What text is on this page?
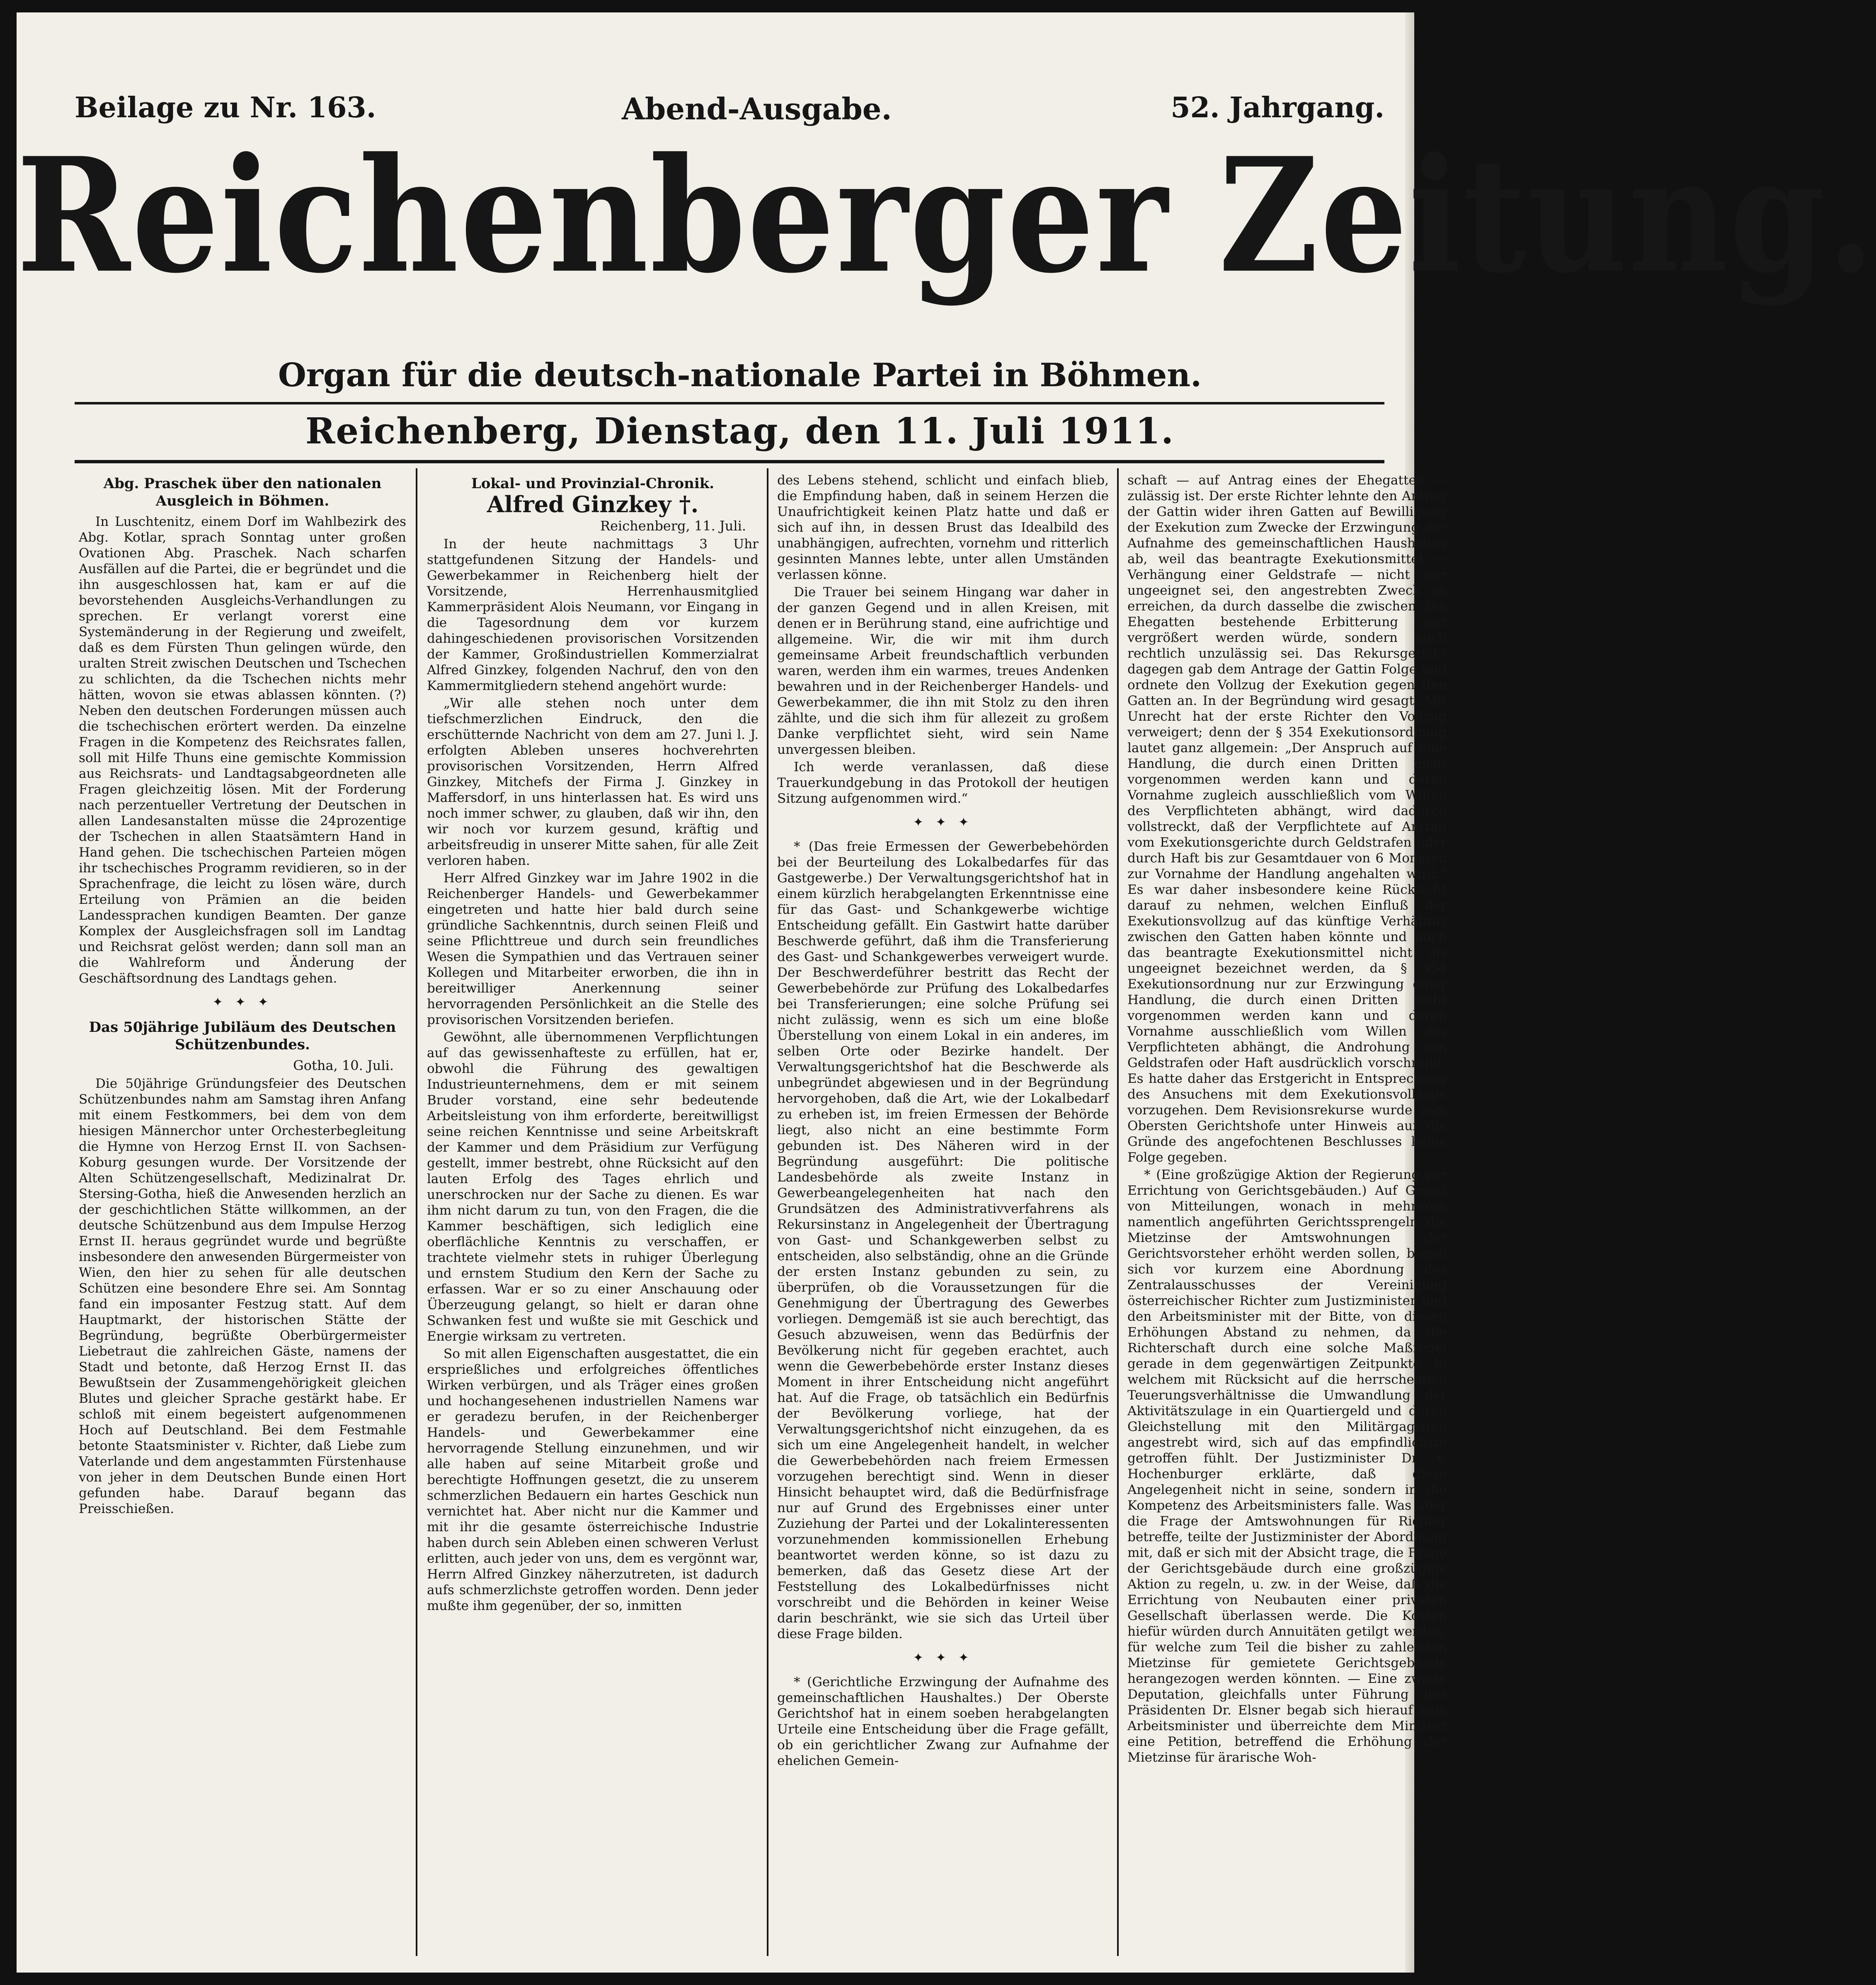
Beilage zu Nr. 163.	Abend-Ausgabe.	52. Jahrgang.
Reichenberger Zeitung.
Organ für die deutsch-nationale Partei in Böhmen.
Reichenberg, Dienstag, den 11. Juli 1911.
Abg. Praschek über den nationalen Ausgleich in Böhmen.

In Luschtenitz, einem Dorf im Wahlbezirk des Abg. Kotlar, sprach Sonntag unter großen Ovationen Abg. Praschek. Nach scharfen Ausfällen auf die Partei, die er begründet und die ihn ausgeschlossen hat, kam er auf die bevorstehenden Ausgleichs-Verhandlungen zu sprechen. Er verlangt vorerst eine Systemänderung in der Regierung und zweifelt, daß es dem Fürsten Thun gelingen würde, den uralten Streit zwischen Deutschen und Tschechen zu schlichten, da die Tschechen nichts mehr hätten, wovon sie etwas ablassen könnten. (?) Neben den deutschen Forderungen müssen auch die tschechischen erörtert werden. Da einzelne Fragen in die Kompetenz des Reichsrates fallen, soll mit Hilfe Thuns eine gemischte Kommission aus Reichsrats- und Landtagsabgeordneten alle Fragen gleichzeitig lösen. Mit der Forderung nach perzentueller Vertretung der Deutschen in allen Landesanstalten müsse die 24prozentige der Tschechen in allen Staatsämtern Hand in Hand gehen. Die tschechischen Parteien mögen ihr tschechisches Programm revidieren, so in der Sprachenfrage, die leicht zu lösen wäre, durch Erteilung von Prämien an die beiden Landessprachen kundigen Beamten. Der ganze Komplex der Ausgleichsfragen soll im Landtag und Reichsrat gelöst werden; dann soll man an die Wahlreform und Änderung der Geschäftsordnung des Landtags gehen.

✦ ✦ ✦
Das 50jährige Jubiläum des Deutschen Schützenbundes.
Gotha, 10. Juli.

Die 50jährige Gründungsfeier des Deutschen Schützenbundes nahm am Samstag ihren Anfang mit einem Festkommers, bei dem von dem hiesigen Männerchor unter Orchesterbegleitung die Hymne von Herzog Ernst II. von Sachsen-Koburg gesungen wurde. Der Vorsitzende der Alten Schützengesellschaft, Medizinalrat Dr. Stersing-Gotha, hieß die Anwesenden herzlich an der geschichtlichen Stätte willkommen, an der deutsche Schützenbund aus dem Impulse Herzog Ernst II. heraus gegründet wurde und begrüßte insbesondere den anwesenden Bürgermeister von Wien, den hier zu sehen für alle deutschen Schützen eine besondere Ehre sei. Am Sonntag fand ein imposanter Festzug statt. Auf dem Hauptmarkt, der historischen Stätte der Begründung, begrüßte Oberbürgermeister Liebetraut die zahlreichen Gäste, namens der Stadt und betonte, daß Herzog Ernst II. das Bewußtsein der Zusammengehörigkeit gleichen Blutes und gleicher Sprache gestärkt habe. Er schloß mit einem begeistert aufgenommenen Hoch auf Deutschland. Bei dem Festmahle betonte Staatsminister v. Richter, daß Liebe zum Vaterlande und dem angestammten Fürstenhause von jeher in dem Deutschen Bunde einen Hort gefunden habe. Darauf begann das Preisschießen.

Lokal- und Provinzial-Chronik.
Alfred Ginzkey †.
Reichenberg, 11. Juli.

In der heute nachmittags 3 Uhr stattgefundenen Sitzung der Handels- und Gewerbekammer in Reichenberg hielt der Vorsitzende, Herrenhausmitglied Kammerpräsident Alois Neumann, vor Eingang in die Tagesordnung dem vor kurzem dahingeschiedenen provisorischen Vorsitzenden der Kammer, Großindustriellen Kommerzialrat Alfred Ginzkey, folgenden Nachruf, den von den Kammermitgliedern stehend angehört wurde:

„Wir alle stehen noch unter dem tiefschmerzlichen Eindruck, den die erschütternde Nachricht von dem am 27. Juni l. J. erfolgten Ableben unseres hochverehrten provisorischen Vorsitzenden, Herrn Alfred Ginzkey, Mitchefs der Firma J. Ginzkey in Maffersdorf, in uns hinterlassen hat. Es wird uns noch immer schwer, zu glauben, daß wir ihn, den wir noch vor kurzem gesund, kräftig und arbeitsfreudig in unserer Mitte sahen, für alle Zeit verloren haben.

Herr Alfred Ginzkey war im Jahre 1902 in die Reichenberger Handels- und Gewerbekammer eingetreten und hatte hier bald durch seine gründliche Sachkenntnis, durch seinen Fleiß und seine Pflichttreue und durch sein freundliches Wesen die Sympathien und das Vertrauen seiner Kollegen und Mitarbeiter erworben, die ihn in bereitwilliger Anerkennung seiner hervorragenden Persönlichkeit an die Stelle des provisorischen Vorsitzenden beriefen.

Gewöhnt, alle übernommenen Verpflichtungen auf das gewissenhafteste zu erfüllen, hat er, obwohl die Führung des gewaltigen Industrieunternehmens, dem er mit seinem Bruder vorstand, eine sehr bedeutende Arbeitsleistung von ihm erforderte, bereitwilligst seine reichen Kenntnisse und seine Arbeitskraft der Kammer und dem Präsidium zur Verfügung gestellt, immer bestrebt, ohne Rücksicht auf den lauten Erfolg des Tages ehrlich und unerschrocken nur der Sache zu dienen. Es war ihm nicht darum zu tun, von den Fragen, die die Kammer beschäftigen, sich lediglich eine oberflächliche Kenntnis zu verschaffen, er trachtete vielmehr stets in ruhiger Überlegung und ernstem Studium den Kern der Sache zu erfassen. War er so zu einer Anschauung oder Überzeugung gelangt, so hielt er daran ohne Schwanken fest und wußte sie mit Geschick und Energie wirksam zu vertreten.

So mit allen Eigenschaften ausgestattet, die ein ersprießliches und erfolgreiches öffentliches Wirken verbürgen, und als Träger eines großen und hochangesehenen industriellen Namens war er geradezu berufen, in der Reichenberger Handels- und Gewerbekammer eine hervorragende Stellung einzunehmen, und wir alle haben auf seine Mitarbeit große und berechtigte Hoffnungen gesetzt, die zu unserem schmerzlichen Bedauern ein hartes Geschick nun vernichtet hat. Aber nicht nur die Kammer und mit ihr die gesamte österreichische Industrie haben durch sein Ableben einen schweren Verlust erlitten, auch jeder von uns, dem es vergönnt war, Herrn Alfred Ginzkey näherzutreten, ist dadurch aufs schmerzlichste getroffen worden. Denn jeder mußte ihm gegenüber, der so, inmitten

des Lebens stehend, schlicht und einfach blieb, die Empfindung haben, daß in seinem Herzen die Unaufrichtigkeit keinen Platz hatte und daß er sich auf ihn, in dessen Brust das Idealbild des unabhängigen, aufrechten, vornehm und ritterlich gesinnten Mannes lebte, unter allen Umständen verlassen könne.

Die Trauer bei seinem Hingang war daher in der ganzen Gegend und in allen Kreisen, mit denen er in Berührung stand, eine aufrichtige und allgemeine. Wir, die wir mit ihm durch gemeinsame Arbeit freundschaftlich verbunden waren, werden ihm ein warmes, treues Andenken bewahren und in der Reichenberger Handels- und Gewerbekammer, die ihn mit Stolz zu den ihren zählte, und die sich ihm für allezeit zu großem Danke verpflichtet sieht, wird sein Name unvergessen bleiben.

Ich werde veranlassen, daß diese Trauerkundgebung in das Protokoll der heutigen Sitzung aufgenommen wird.“

✦ ✦ ✦

* (Das freie Ermessen der Gewerbebehörden bei der Beurteilung des Lokalbedarfes für das Gastgewerbe.) Der Verwaltungsgerichtshof hat in einem kürzlich herabgelangten Erkenntnisse eine für das Gast- und Schankgewerbe wichtige Entscheidung gefällt. Ein Gastwirt hatte darüber Beschwerde geführt, daß ihm die Transferierung des Gast- und Schankgewerbes verweigert wurde. Der Beschwerdeführer bestritt das Recht der Gewerbebehörde zur Prüfung des Lokalbedarfes bei Transferierungen; eine solche Prüfung sei nicht zulässig, wenn es sich um eine bloße Überstellung von einem Lokal in ein anderes, im selben Orte oder Bezirke handelt. Der Verwaltungsgerichtshof hat die Beschwerde als unbegründet abgewiesen und in der Begründung hervorgehoben, daß die Art, wie der Lokalbedarf zu erheben ist, im freien Ermessen der Behörde liegt, also nicht an eine bestimmte Form gebunden ist. Des Näheren wird in der Begründung ausgeführt: Die politische Landesbehörde als zweite Instanz in Gewerbeangelegenheiten hat nach den Grundsätzen des Administrativverfahrens als Rekursinstanz in Angelegenheit der Übertragung von Gast- und Schankgewerben selbst zu entscheiden, also selbständig, ohne an die Gründe der ersten Instanz gebunden zu sein, zu überprüfen, ob die Voraussetzungen für die Genehmigung der Übertragung des Gewerbes vorliegen. Demgemäß ist sie auch berechtigt, das Gesuch abzuweisen, wenn das Bedürfnis der Bevölkerung nicht für gegeben erachtet, auch wenn die Gewerbebehörde erster Instanz dieses Moment in ihrer Entscheidung nicht angeführt hat. Auf die Frage, ob tatsächlich ein Bedürfnis der Bevölkerung vorliege, hat der Verwaltungsgerichtshof nicht einzugehen, da es sich um eine Angelegenheit handelt, in welcher die Gewerbebehörden nach freiem Ermessen vorzugehen berechtigt sind. Wenn in dieser Hinsicht behauptet wird, daß die Bedürfnisfrage nur auf Grund des Ergebnisses einer unter Zuziehung der Partei und der Lokalinteressenten vorzunehmenden kommissionellen Erhebung beantwortet werden könne, so ist dazu zu bemerken, daß das Gesetz diese Art der Feststellung des Lokalbedürfnisses nicht vorschreibt und die Behörden in keiner Weise darin beschränkt, wie sie sich das Urteil über diese Frage bilden.

✦ ✦ ✦

* (Gerichtliche Erzwingung der Aufnahme des gemeinschaftlichen Haushaltes.) Der Oberste Gerichtshof hat in einem soeben herabgelangten Urteile eine Entscheidung über die Frage gefällt, ob ein gerichtlicher Zwang zur Aufnahme der ehelichen Gemein-

schaft — auf Antrag eines der Ehegatten — zulässig ist. Der erste Richter lehnte den Antrag der Gattin wider ihren Gatten auf Bewilligung der Exekution zum Zwecke der Erzwingung der Aufnahme des gemeinschaftlichen Haushaltes ab, weil das beantragte Exekutionsmittel — Verhängung einer Geldstrafe — nicht nur ungeeignet sei, den angestrebten Zweck zu erreichen, da durch dasselbe die zwischen den Ehegatten bestehende Erbitterung nur vergrößert werden würde, sondern auch rechtlich unzulässig sei. Das Rekursgericht dagegen gab dem Antrage der Gattin Folge und ordnete den Vollzug der Exekution gegen den Gatten an. In der Begründung wird gesagt: Mit Unrecht hat der erste Richter den Vollzug verweigert; denn der § 354 Exekutionsordnung lautet ganz allgemein: „Der Anspruch auf eine Handlung, die durch einen Dritten nicht vorgenommen werden kann und deren Vornahme zugleich ausschließlich vom Willen des Verpflichteten abhängt, wird dadurch vollstreckt, daß der Verpflichtete auf Antrag vom Exekutionsgerichte durch Geldstrafen oder durch Haft bis zur Gesamtdauer von 6 Monaten zur Vornahme der Handlung angehalten wird.“ Es war daher insbesondere keine Rücksicht darauf zu nehmen, welchen Einfluß der Exekutionsvollzug auf das künftige Verhältnis zwischen den Gatten haben könnte und auch das beantragte Exekutionsmittel nicht als ungeeignet bezeichnet werden, da § 354 Exekutionsordnung nur zur Erzwingung einer Handlung, die durch einen Dritten nicht vorgenommen werden kann und deren Vornahme ausschließlich vom Willen des Verpflichteten abhängt, die Androhung von Geldstrafen oder Haft ausdrücklich vorschreibt. Es hatte daher das Erstgericht in Entsprechung des Ansuchens mit dem Exekutionsvollzuge vorzugehen. Dem Revisionsrekurse wurde vom Obersten Gerichtshofe unter Hinweis auf die Gründe des angefochtenen Beschlusses keine Folge gegeben.

* (Eine großzügige Aktion der Regierung zur Errichtung von Gerichtsgebäuden.) Auf Grund von Mitteilungen, wonach in mehreren namentlich angeführten Gerichtssprengeln die Mietzinse der Amtswohnungen der Gerichtsvorsteher erhöht werden sollen, begab sich vor kurzem eine Abordnung des Zentralausschusses der Vereinigung österreichischer Richter zum Justizminister und den Arbeitsminister mit der Bitte, von diesen Erhöhungen Abstand zu nehmen, da die Richterschaft durch eine solche Maßregel gerade in dem gegenwärtigen Zeitpunkte, in welchem mit Rücksicht auf die herrschenden Teuerungsverhältnisse die Umwandlung der Aktivitätszulage in ein Quartiergeld und deren Gleichstellung mit den Militärgagisten angestrebt wird, sich auf das empfindlichste getroffen fühlt. Der Justizminister Dr. v. Hochenburger erklärte, daß diese Angelegenheit nicht in seine, sondern in die Kompetenz des Arbeitsministers falle. Was aber die Frage der Amtswohnungen für Richter betreffe, teilte der Justizminister der Abordnung mit, daß er sich mit der Absicht trage, die Frage der Gerichtsgebäude durch eine großzügige Aktion zu regeln, u. zw. in der Weise, daß die Errichtung von Neubauten einer privaten Gesellschaft überlassen werde. Die Kosten hiefür würden durch Annuitäten getilgt werden, für welche zum Teil die bisher zu zahlenden Mietzinse für gemietete Gerichtsgebäude herangezogen werden könnten. — Eine zweite Deputation, gleichfalls unter Führung des Präsidenten Dr. Elsner begab sich hierauf zum Arbeitsminister und überreichte dem Minister eine Petition, betreffend die Erhöhung der Mietzinse für ärarische Woh-
